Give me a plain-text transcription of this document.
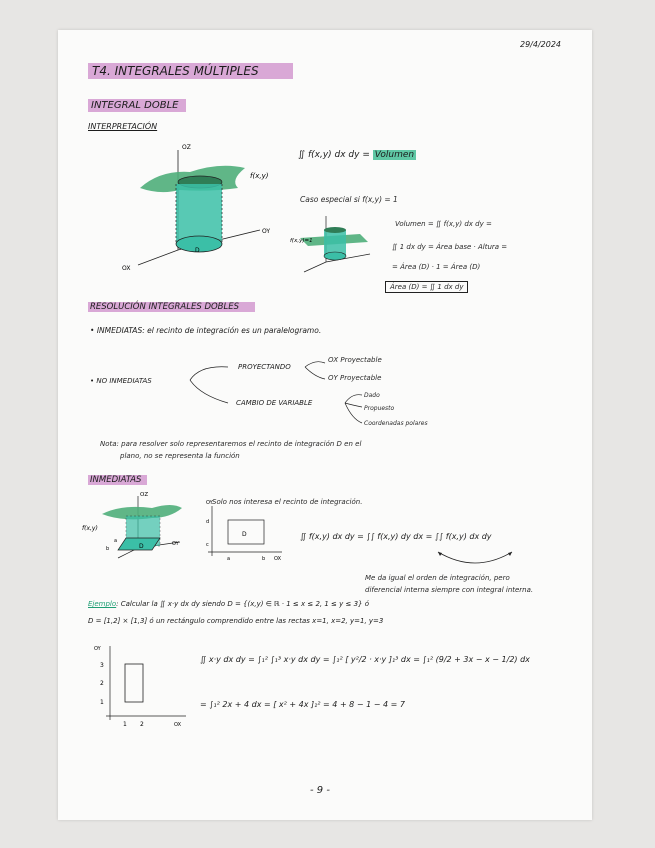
29/4/2024
T4. INTEGRALES MÚLTIPLES
INTEGRAL DOBLE
INTERPRETACIÓN
OZ
f(x,y)
D
OY
OX
∬ f(x,y) dx dy = Volumen
Caso especial si f(x,y) = 1
f(x,y)=1
Volumen = ∬ f(x,y) dx dy =
∬ 1 dx dy = Área base · Altura =
= Área (D) · 1 = Área (D)
Área (D) = ∬ 1 dx dy
RESOLUCIÓN INTEGRALES DOBLES
• INMEDIATAS: el recinto de integración es un paralelogramo.
• NO INMEDIATAS
PROYECTANDO
OX Proyectable
OY Proyectable
CAMBIO DE VARIABLE
Dado
Propuesto
Coordenadas polares
Nota: para resolver solo representaremos el recinto de integración D en el
plano, no se representa la función
INMEDIATAS
Solo nos interesa el recinto de integración.
OZ
f(x,y)
D	OY
a
b
D
OY
d
c
a	b OX
∬ f(x,y) dx dy = ∫∫ f(x,y) dy dx = ∫∫ f(x,y) dx dy
Me da igual el orden de integración, pero
diferencial interna siempre con integral interna.
Ejemplo: Calcular la ∬ x·y dx dy siendo D = {(x,y) ∈ ℝ · 1 ≤ x ≤ 2, 1 ≤ y ≤ 3} ó
D = [1,2] × [1,3] ó un rectángulo comprendido entre las rectas x=1, x=2, y=1, y=3
OY
3
2
1
1 2	OX
∬ x·y dx dy = ∫₁² ∫₁³ x·y dx dy = ∫₁² [ y²/2 · x·y ]₁³ dx = ∫₁² (9/2 + 3x − x − 1/2) dx
= ∫₁² 2x + 4 dx = [ x² + 4x ]₁² = 4 + 8 − 1 − 4 = 7
- 9 -
